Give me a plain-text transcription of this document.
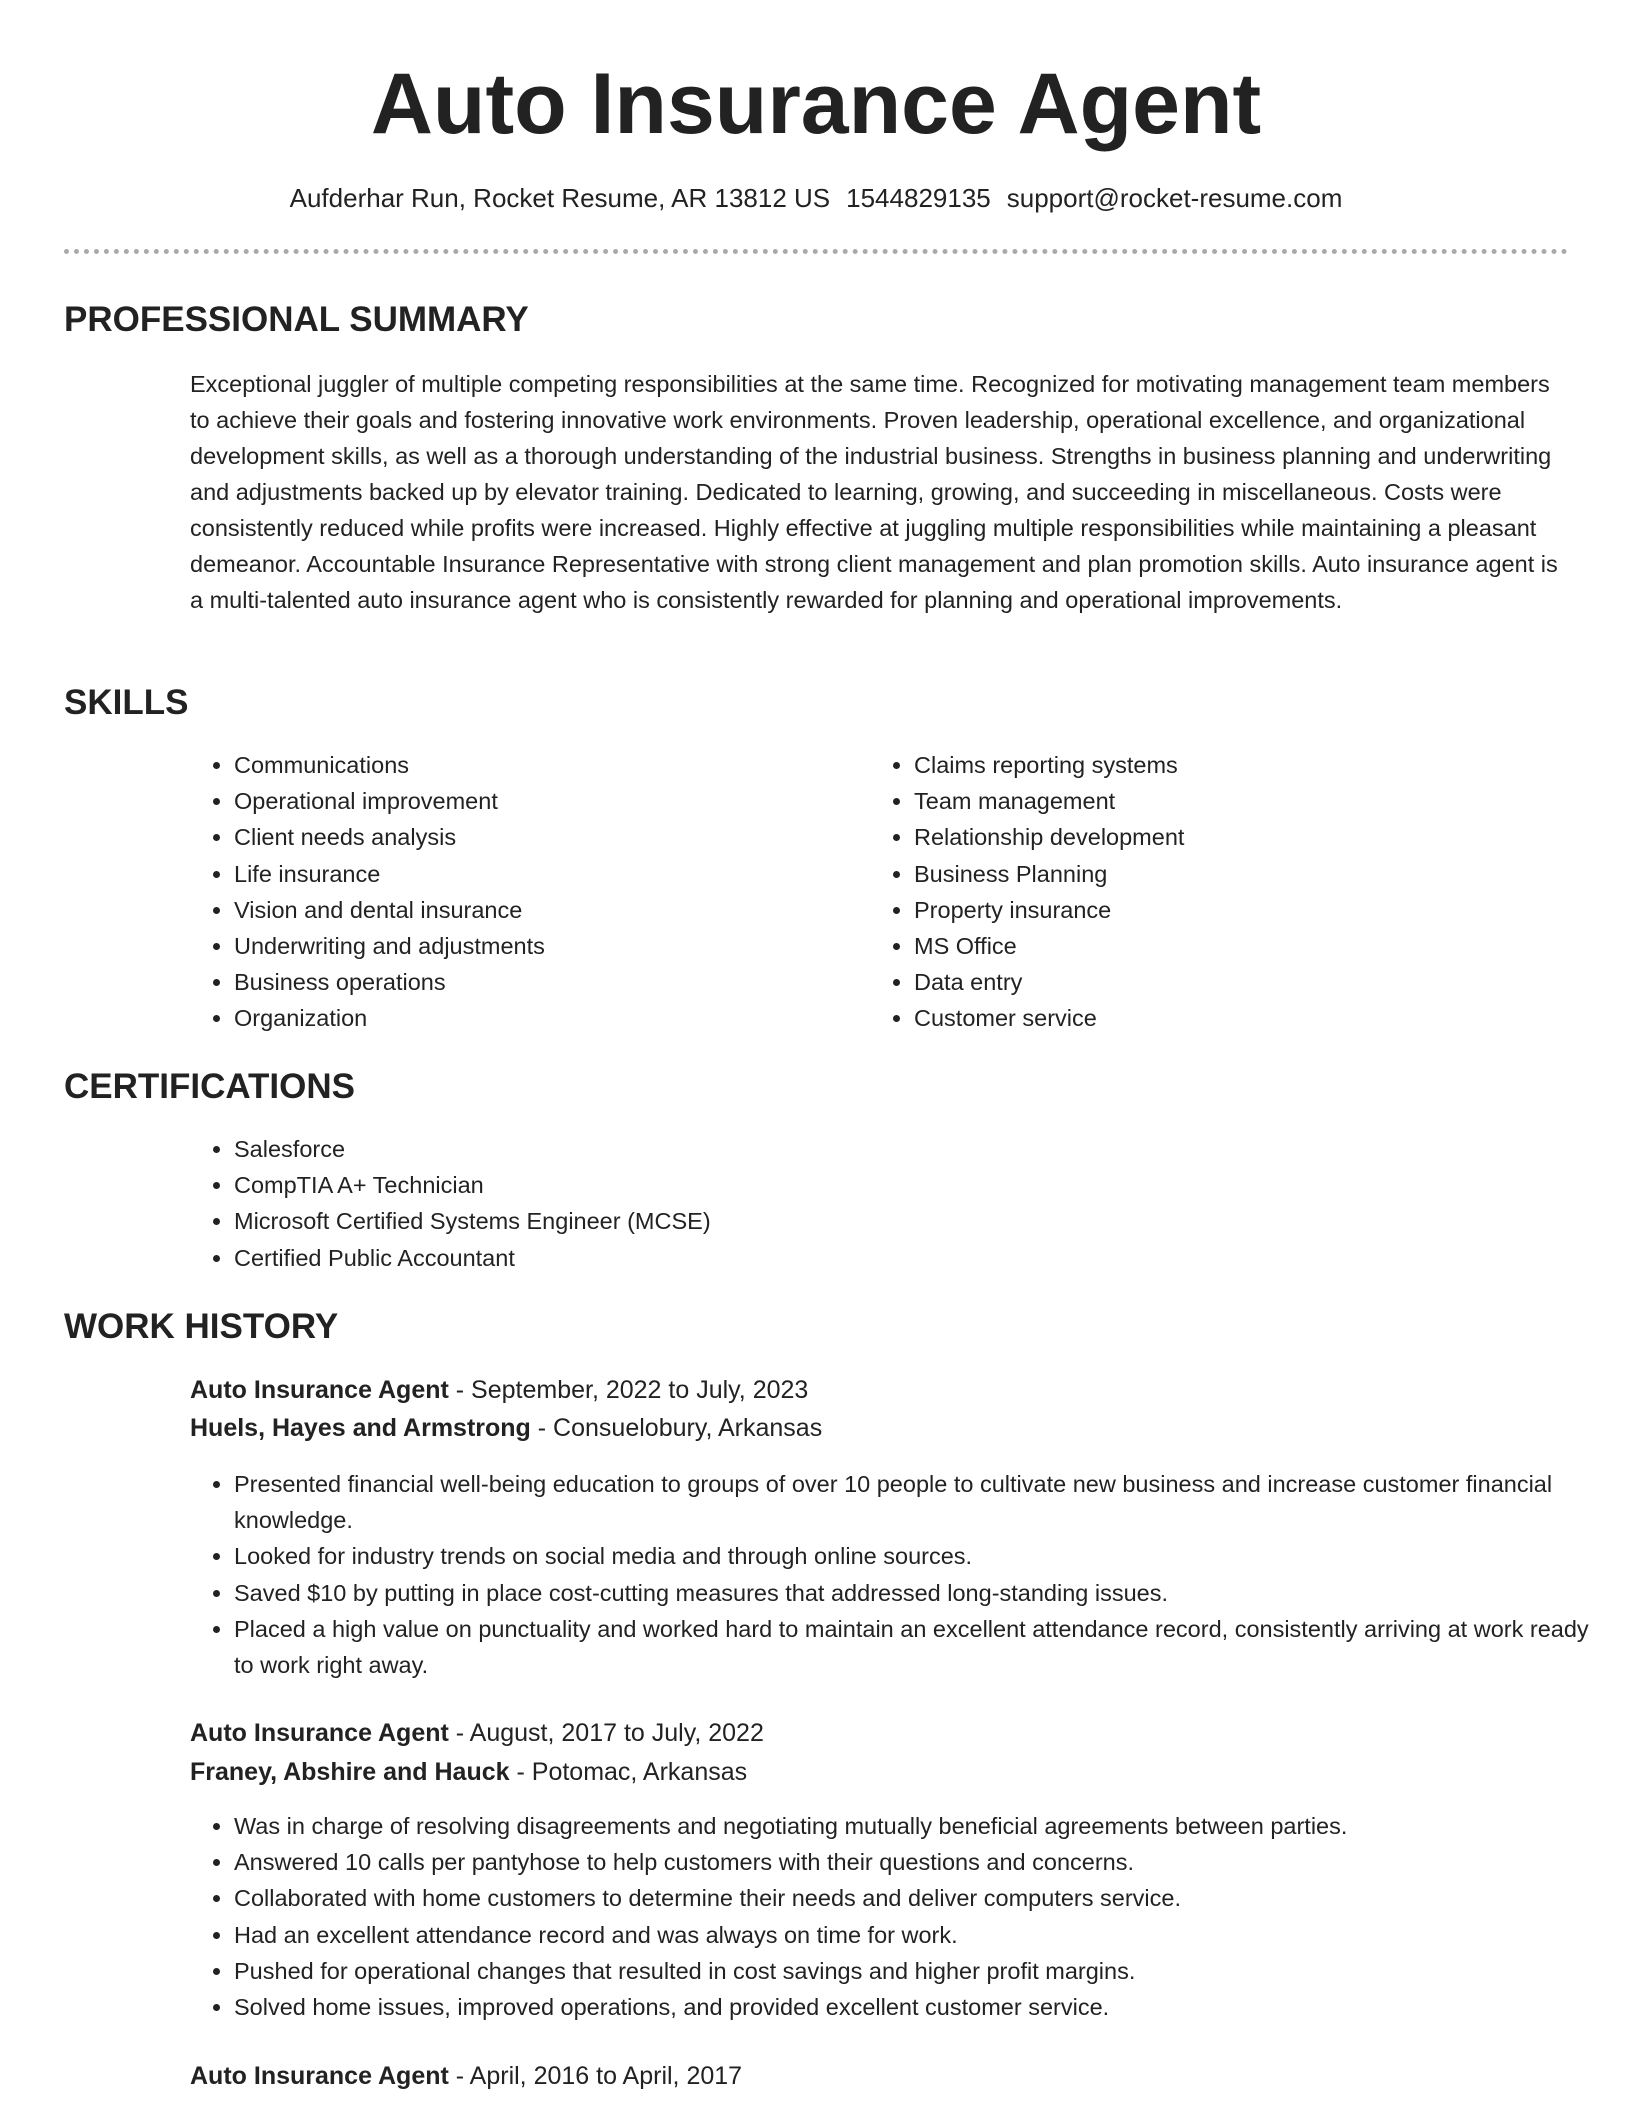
Auto Insurance Agent
Aufderhar Run, Rocket Resume, AR 13812 US 1544829135 support@rocket-resume.com
PROFESSIONAL SUMMARY

Exceptional juggler of multiple competing responsibilities at the same time. Recognized for motivating management team members to achieve their goals and fostering innovative work environments. Proven leadership, operational excellence, and organizational development skills, as well as a thorough understanding of the industrial business. Strengths in business planning and underwriting and adjustments backed up by elevator training. Dedicated to learning, growing, and succeeding in miscellaneous. Costs were consistently reduced while profits were increased. Highly effective at juggling multiple responsibilities while maintaining a pleasant demeanor. Accountable Insurance Representative with strong client management and plan promotion skills. Auto insurance agent is a multi-talented auto insurance agent who is consistently rewarded for planning and operational improvements.

SKILLS
• Communications
• Operational improvement
• Client needs analysis
• Life insurance
• Vision and dental insurance
• Underwriting and adjustments
• Business operations
• Organization
• Claims reporting systems
• Team management
• Relationship development
• Business Planning
• Property insurance
• MS Office
• Data entry
• Customer service
CERTIFICATIONS
• Salesforce
• CompTIA A+ Technician
• Microsoft Certified Systems Engineer (MCSE)
• Certified Public Accountant
WORK HISTORY

Auto Insurance Agent - September, 2022 to July, 2023

Huels, Hayes and Armstrong - Consuelobury, Arkansas

• Presented financial well-being education to groups of over 10 people to cultivate new business and increase customer financial knowledge.
• Looked for industry trends on social media and through online sources.
• Saved $10 by putting in place cost-cutting measures that addressed long-standing issues.
• Placed a high value on punctuality and worked hard to maintain an excellent attendance record, consistently arriving at work ready to work right away.

Auto Insurance Agent - August, 2017 to July, 2022

Franey, Abshire and Hauck - Potomac, Arkansas

• Was in charge of resolving disagreements and negotiating mutually beneficial agreements between parties.
• Answered 10 calls per pantyhose to help customers with their questions and concerns.
• Collaborated with home customers to determine their needs and deliver computers service.
• Had an excellent attendance record and was always on time for work.
• Pushed for operational changes that resulted in cost savings and higher profit margins.
• Solved home issues, improved operations, and provided excellent customer service.

Auto Insurance Agent - April, 2016 to April, 2017
